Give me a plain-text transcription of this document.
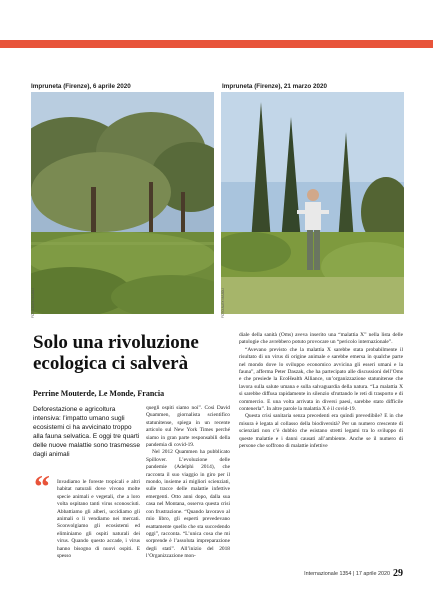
Impruneta (Firenze), 6 aprile 2020	Impruneta (Firenze), 21 marzo 2020
FOTO ALEX MAJOLI	FOTO ALEX MAJOLI
Solo una rivoluzione ecologica ci salverà
Perrine Mouterde, Le Monde, Francia
Deforestazione e agricoltura intensiva: l’impatto umano sugli ecosistemi ci ha avvicinato troppo alla fauna selvatica. E oggi tre quarti delle nuove malattie sono trasmesse dagli animali
“ Invadiamo le foreste tropicali e altri habitat naturali dove vivono molte specie animali e vegetali, che a loro volta ospitano tanti virus sconosciuti. Abbattiamo gli alberi, uccidiamo gli animali o li vendiamo nei mercati. Sconvolgiamo gli ecosistemi ed eliminiamo gli ospiti naturali dei virus. Quando questo accade, i virus hanno bisogno di nuovi ospiti. E spesso

quegli ospiti siamo noi”. Così David Quammen, giornalista scientifico statunitense, spiega in un recente articolo sul New York Times perché siamo in gran parte responsabili della pandemia di covid-19.

Nel 2012 Quammen ha pubblicato Spillover. L’evoluzione delle pandemie (Adelphi 2014), che racconta il suo viaggio in giro per il mondo, insieme ai migliori scienziati, sulle tracce delle malattie infettive emergenti. Otto anni dopo, dalla sua casa nel Montana, osserva questa crisi con frustrazione. “Quando lavoravo al mio libro, gli esperti prevedevano esattamente quello che sta succedendo oggi”, racconta. “L’unica cosa che mi sorprende è l’assoluta impreparazione degli stati”. All’inizio del 2018 l’Organizzazione mon-

diale della sanità (Oms) aveva inserito una “malattia X” nella lista delle patologie che avrebbero potuto provocare un “pericolo internazionale”.

“Avevano previsto che la malattia X sarebbe stata probabilmente il risultato di un virus di origine animale e sarebbe emersa in qualche parte nel mondo dove lo sviluppo economico avvicina gli esseri umani e la fauna”, afferma Peter Daszak, che ha partecipato alle discussioni dell’Oms e che presiede la EcoHealth Alliance, un’organizzazione statunitense che lavora sulla salute umana e sulla salvaguardia della natura. “La malattia X si sarebbe diffusa rapidamente in silenzio sfruttando le reti di trasporto e di commercio. E una volta arrivata in diversi paesi, sarebbe stato difficile contenerla”. In altre parole la malattia X è il covid-19.

Questa crisi sanitaria senza precedenti era quindi prevedibile? E in che misura è legata al collasso della biodiversità? Per un numero crescente di scienziati non c’è dubbio che esistano stretti legami tra lo sviluppo di queste malattie e i danni causati all’ambiente. Anche se il numero di persone che soffrono di malattie infettive

Internazionale 1354 | 17 aprile 2020 29
